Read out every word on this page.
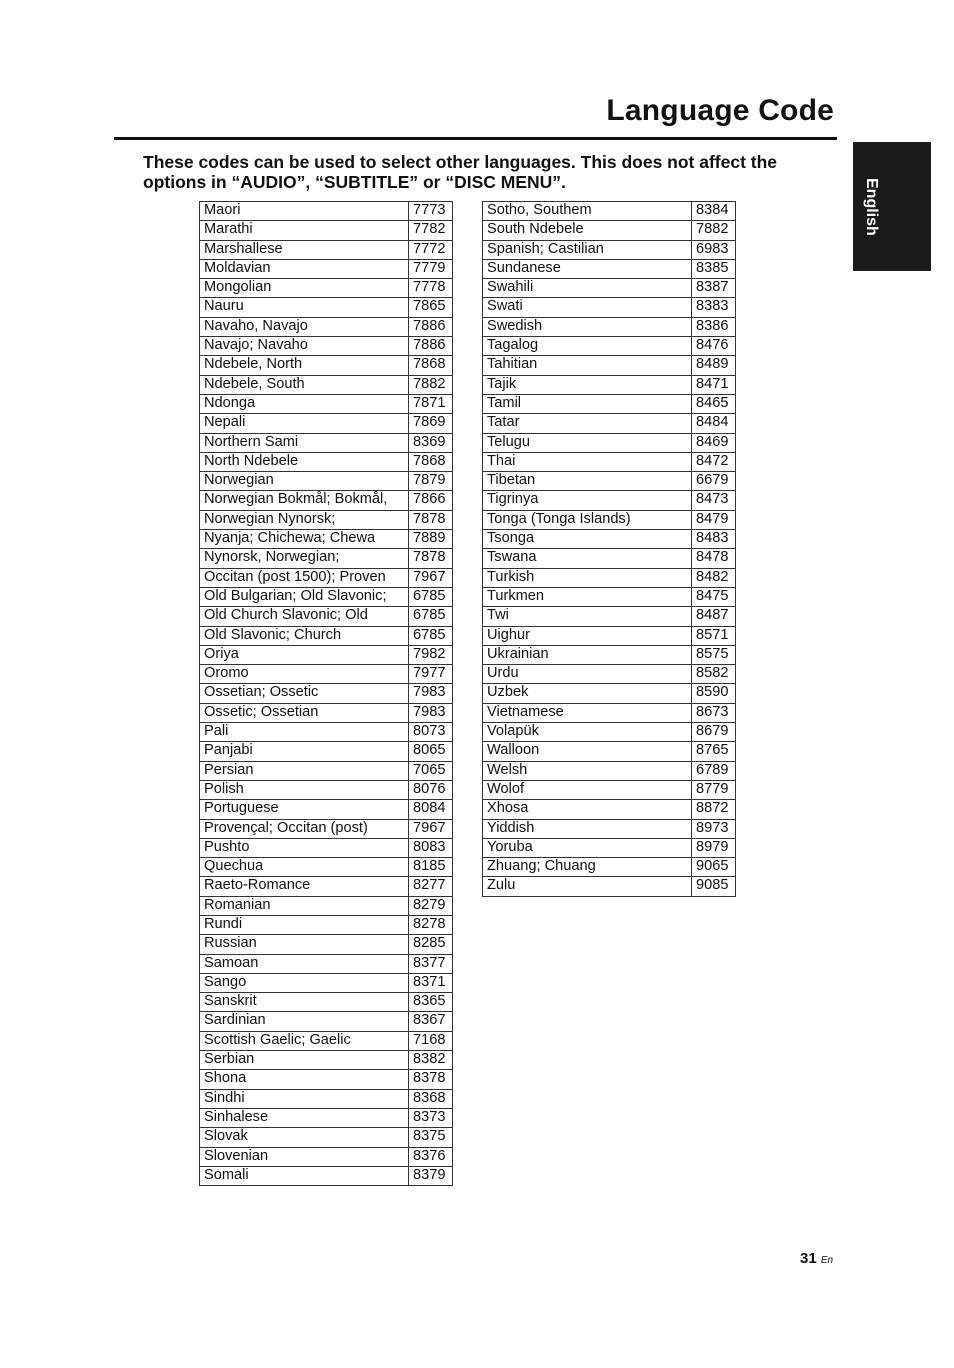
Language Code
These codes can be used to select other languages. This does not affect the options in “AUDIO”, “SUBTITLE” or “DISC MENU”.	English
Maori	7773
Marathi	7782
Marshallese	7772
Moldavian	7779
Mongolian	7778
Nauru	7865
Navaho, Navajo	7886
Navajo; Navaho	7886
Ndebele, North	7868
Ndebele, South	7882
Ndonga	7871
Nepali	7869
Northern Sami	8369
North Ndebele	7868
Norwegian	7879
Norwegian Bokmål; Bokmål,	7866
Norwegian Nynorsk;	7878
Nyanja; Chichewa; Chewa	7889
Nynorsk, Norwegian;	7878
Occitan (post 1500); Proven	7967
Old Bulgarian; Old Slavonic;	6785
Old Church Slavonic; Old	6785
Old Slavonic; Church	6785
Oriya	7982
Oromo	7977
Ossetian; Ossetic	7983
Ossetic; Ossetian	7983
Pali	8073
Panjabi	8065
Persian	7065
Polish	8076
Portuguese	8084
Provençal; Occitan (post)	7967
Pushto	8083
Quechua	8185
Raeto-Romance	8277
Romanian	8279
Rundi	8278
Russian	8285
Samoan	8377
Sango	8371
Sanskrit	8365
Sardinian	8367
Scottish Gaelic; Gaelic	7168
Serbian	8382
Shona	8378
Sindhi	8368
Sinhalese	8373
Slovak	8375
Slovenian	8376
Somali	8379
Sotho, Southem	8384
South Ndebele	7882
Spanish; Castilian	6983
Sundanese	8385
Swahili	8387
Swati	8383
Swedish	8386
Tagalog	8476
Tahitian	8489
Tajik	8471
Tamil	8465
Tatar	8484
Telugu	8469
Thai	8472
Tibetan	6679
Tigrinya	8473
Tonga (Tonga Islands)	8479
Tsonga	8483
Tswana	8478
Turkish	8482
Turkmen	8475
Twi	8487
Uighur	8571
Ukrainian	8575
Urdu	8582
Uzbek	8590
Vietnamese	8673
Volapük	8679
Walloon	8765
Welsh	6789
Wolof	8779
Xhosa	8872
Yiddish	8973
Yoruba	8979
Zhuang; Chuang	9065
Zulu	9085
31 En
